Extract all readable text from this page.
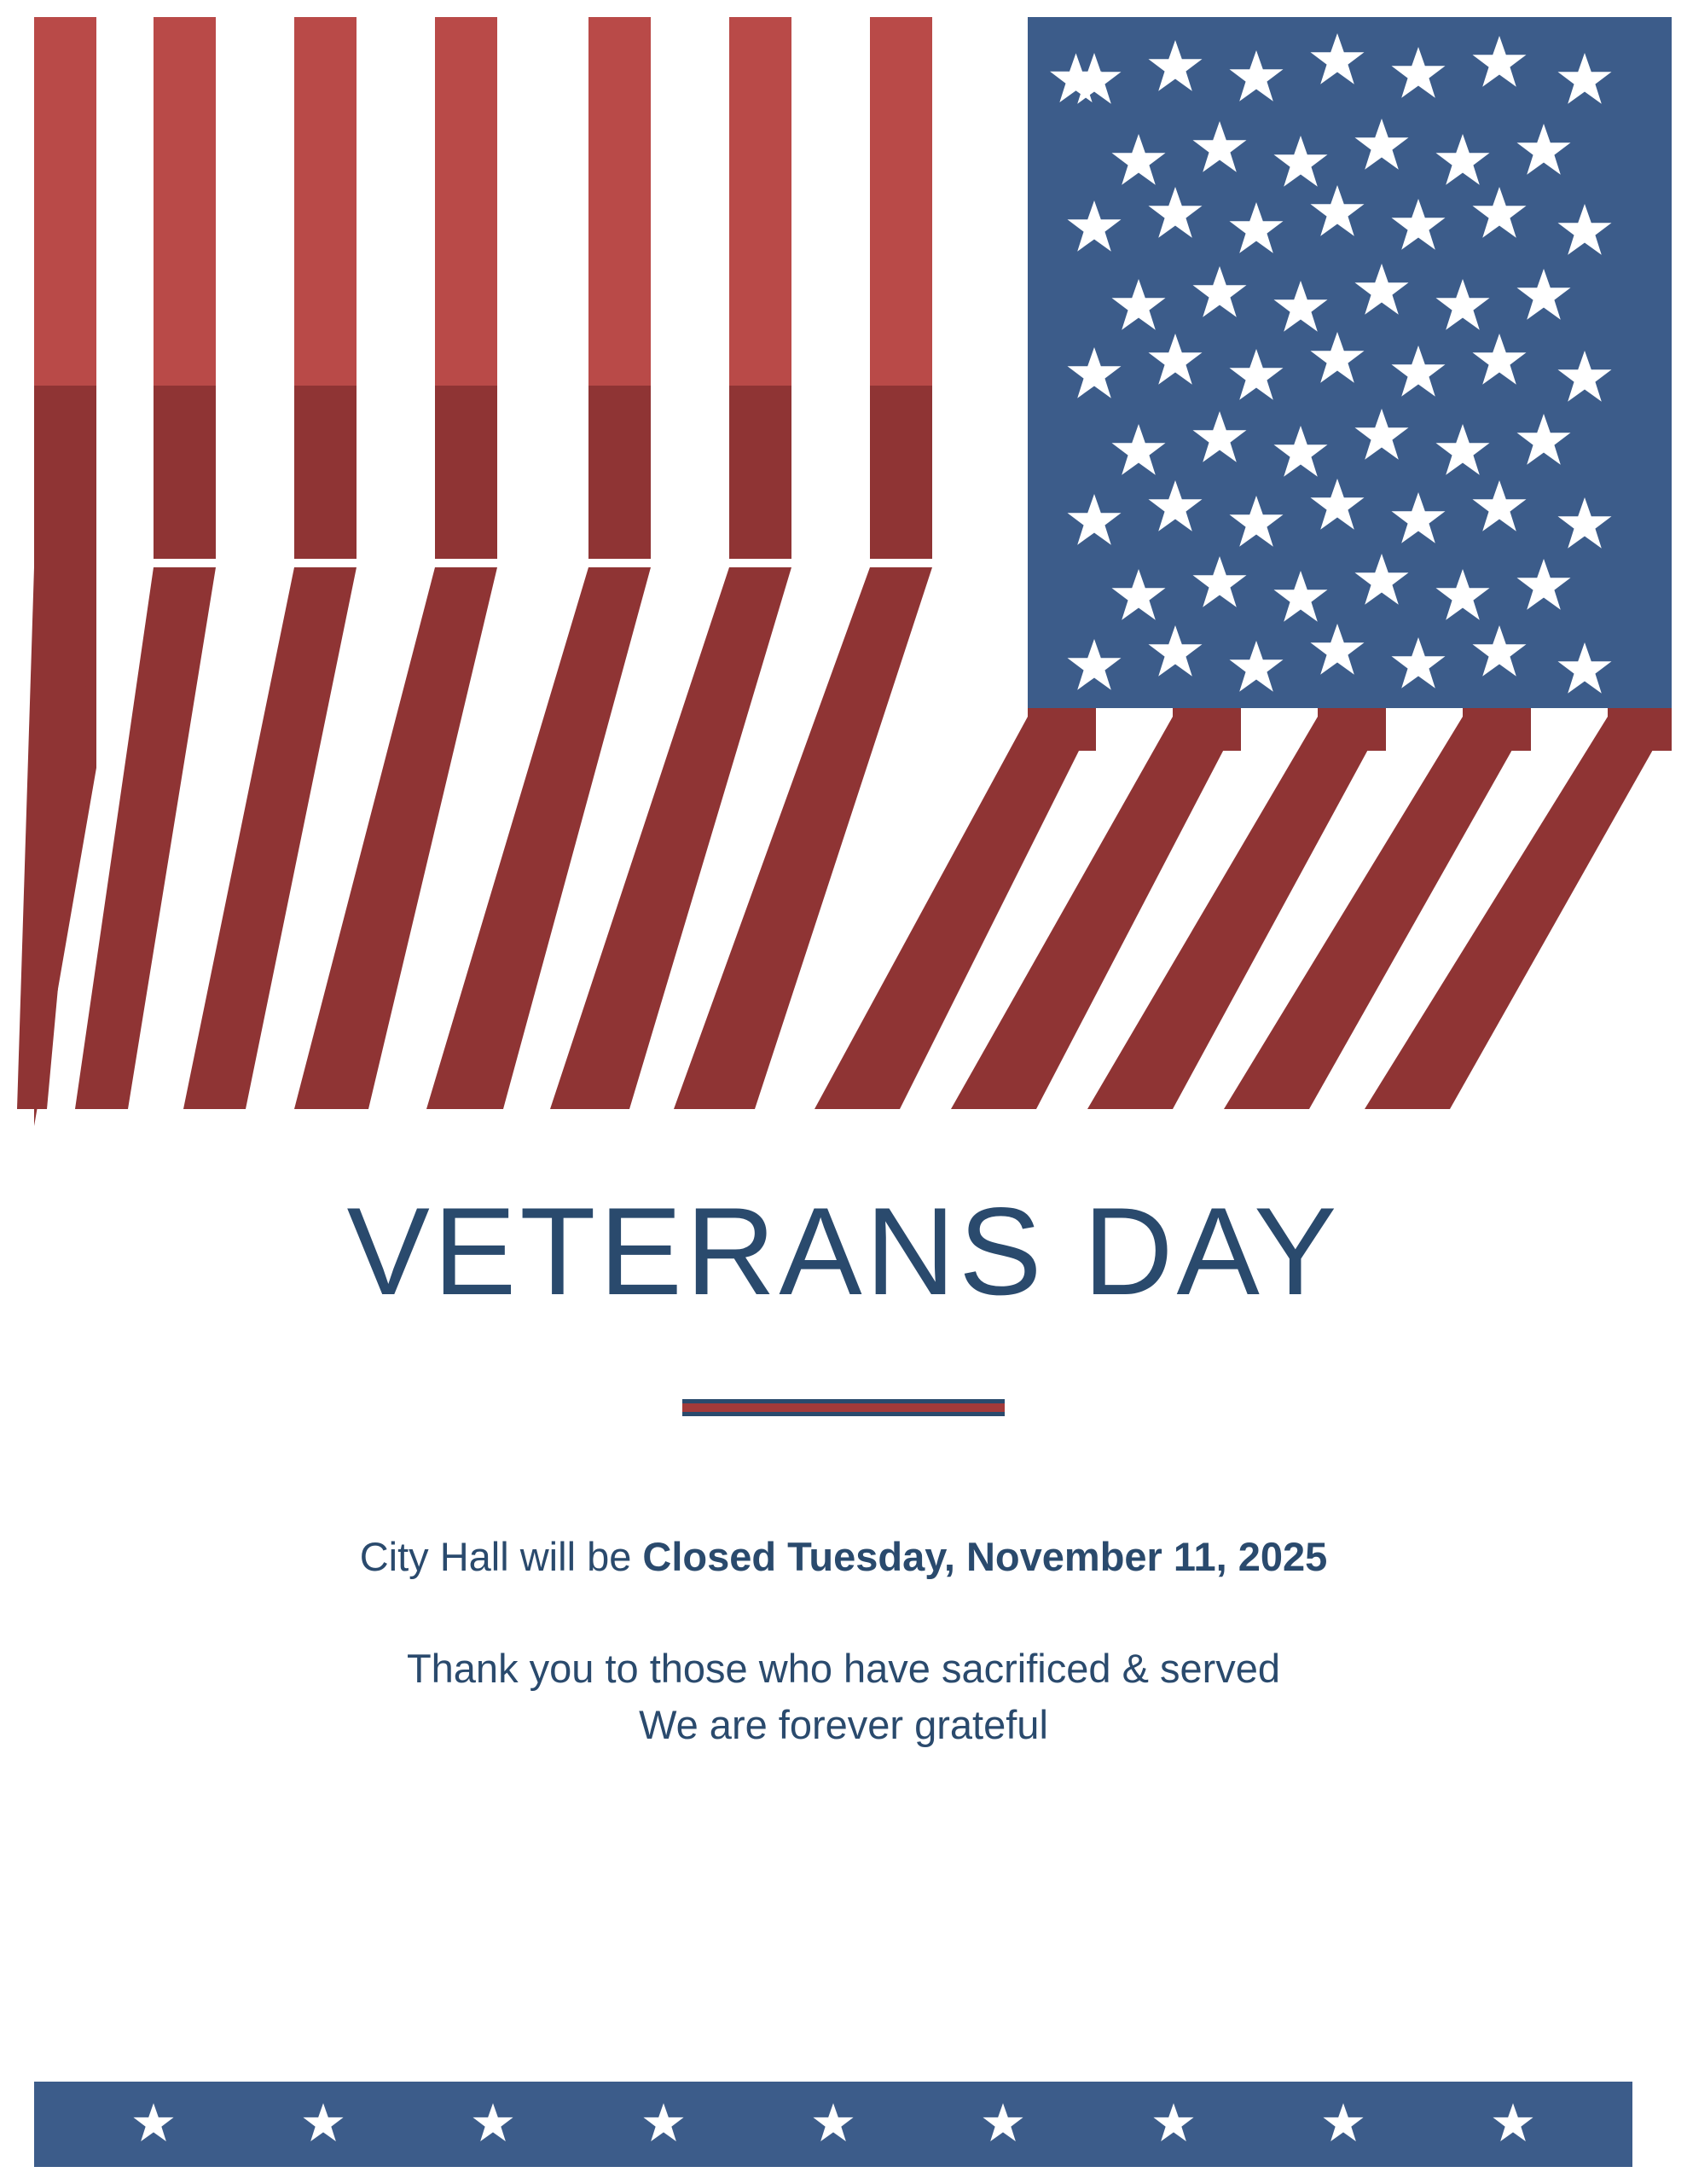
VETERANS DAY

City Hall will be Closed Tuesday, November 11, 2025

Thank you to those who have sacrificed & served
We are forever grateful
